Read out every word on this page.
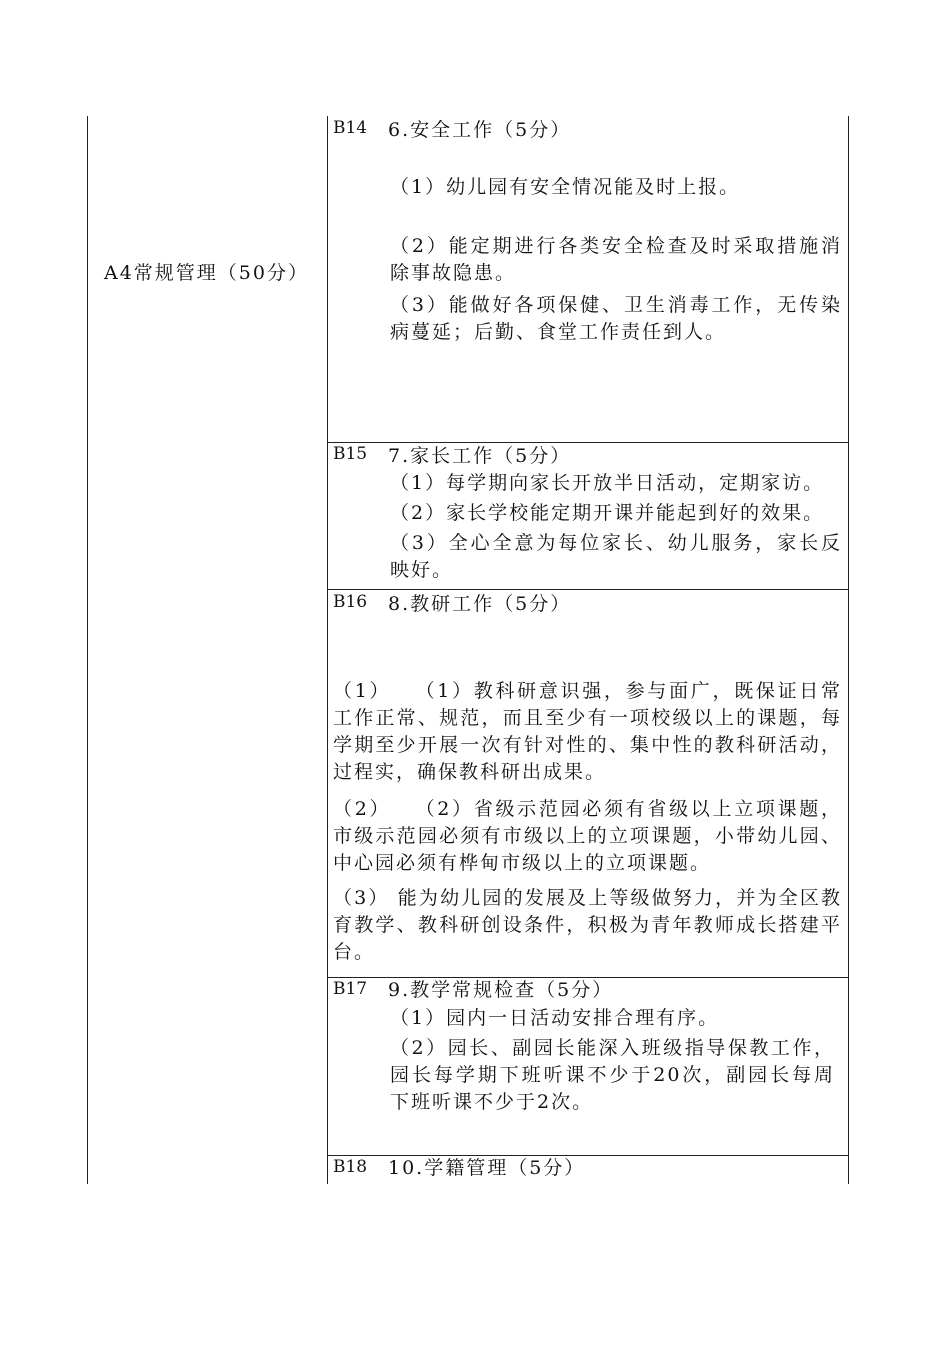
A4常规管理（50分）
B14 6.安全工作（5分）
（1）幼儿园有安全情况能及时上报。
（2）能定期进行各类安全检查及时采取措施消除事故隐患。
（3）能做好各项保健、卫生消毒工作，无传染病蔓延；后勤、食堂工作责任到人。
B15 7.家长工作（5分）
（1）每学期向家长开放半日活动，定期家访。
（2）家长学校能定期开课并能起到好的效果。
（3）全心全意为每位家长、幼儿服务，家长反映好。
B16 8.教研工作（5分）
（1）　　（1）教科研意识强，参与面广，既保证日常工作正常、规范，而且至少有一项校级以上的课题，每学期至少开展一次有针对性的、集中性的教科研活动，过程实，确保教科研出成果。
（2）　　（2）省级示范园必须有省级以上立项课题，市级示范园必须有市级以上的立项课题，小带幼儿园、中心园必须有桦甸市级以上的立项课题。
（3） 能为幼儿园的发展及上等级做努力，并为全区教育教学、教科研创设条件，积极为青年教师成长搭建平台。
B17 9.教学常规检查（5分）
（1）园内一日活动安排合理有序。
（2）园长、副园长能深入班级指导保教工作，园长每学期下班听课不少于20次，副园长每周下班听课不少于2次。
B18 10.学籍管理（5分）
